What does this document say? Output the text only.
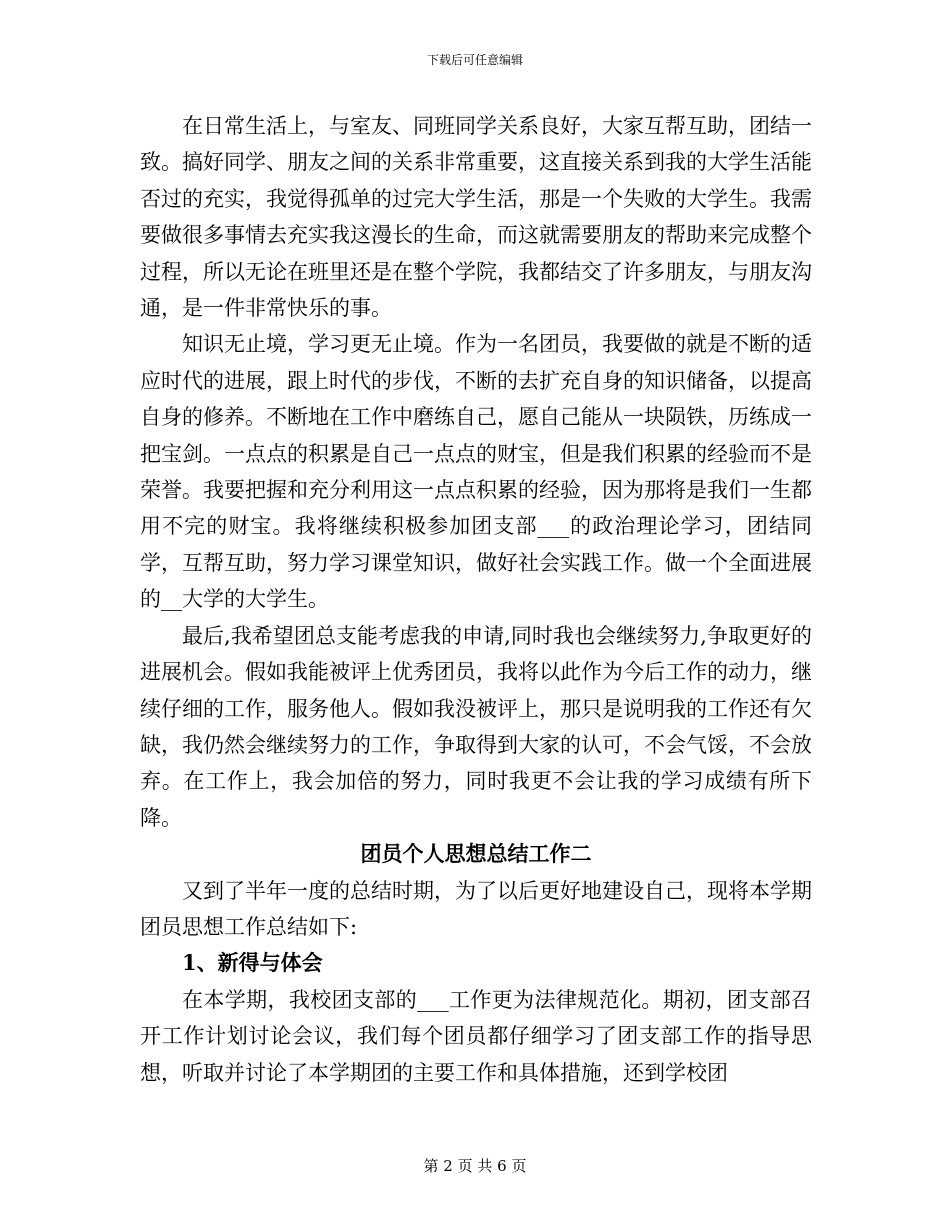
下载后可任意编辑

在日常生活上，与室友、同班同学关系良好，大家互帮互助，团结一致。搞好同学、朋友之间的关系非常重要，这直接关系到我的大学生活能否过的充实，我觉得孤单的过完大学生活，那是一个失败的大学生。我需要做很多事情去充实我这漫长的生命，而这就需要朋友的帮助来完成整个过程，所以无论在班里还是在整个学院，我都结交了许多朋友，与朋友沟通，是一件非常快乐的事。

知识无止境，学习更无止境。作为一名团员，我要做的就是不断的适应时代的进展，跟上时代的步伐，不断的去扩充自身的知识储备，以提高自身的修养。不断地在工作中磨练自己，愿自己能从一块陨铁，历练成一把宝剑。一点点的积累是自己一点点的财宝，但是我们积累的经验而不是荣誉。我要把握和充分利用这一点点积累的经验，因为那将是我们一生都用不完的财宝。我将继续积极参加团支部___的政治理论学习，团结同学，互帮互助，努力学习课堂知识，做好社会实践工作。做一个全面进展的__大学的大学生。

最后,我希望团总支能考虑我的申请,同时我也会继续努力,争取更好的进展机会。假如我能被评上优秀团员，我将以此作为今后工作的动力，继续仔细的工作，服务他人。假如我没被评上，那只是说明我的工作还有欠缺，我仍然会继续努力的工作，争取得到大家的认可，不会气馁，不会放弃。在工作上，我会加倍的努力，同时我更不会让我的学习成绩有所下降。

团员个人思想总结工作二

又到了半年一度的总结时期，为了以后更好地建设自己，现将本学期团员思想工作总结如下:

1、新得与体会

在本学期，我校团支部的___工作更为法律规范化。期初，团支部召开工作计划讨论会议，我们每个团员都仔细学习了团支部工作的指导思想，听取并讨论了本学期团的主要工作和具体措施，还到学校团

第 2 页 共 6 页
